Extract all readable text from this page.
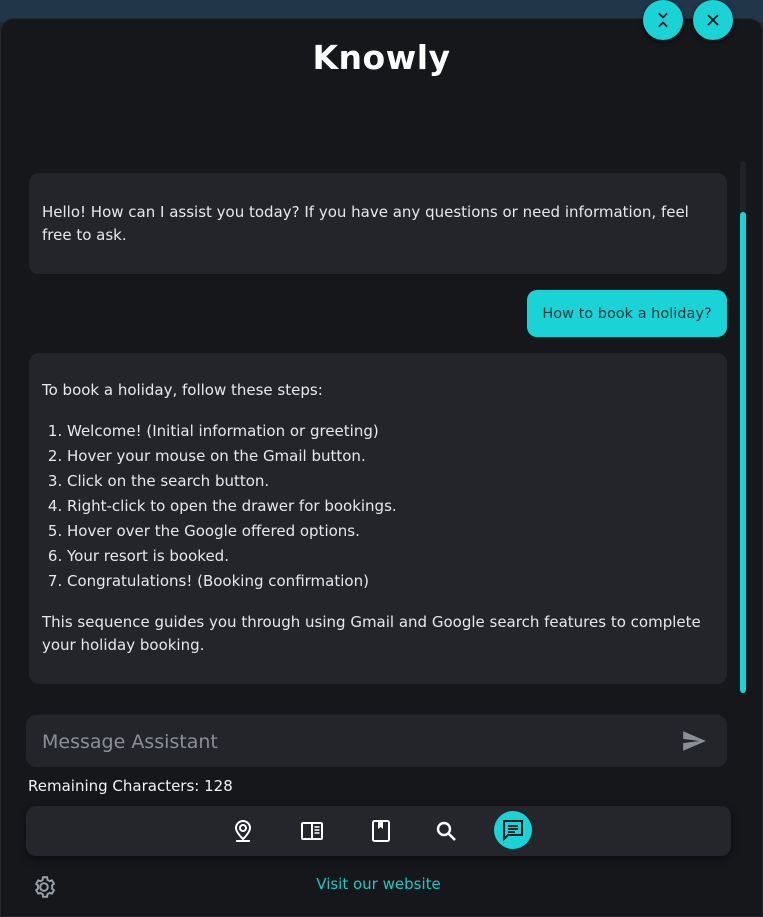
Knowly
Hello! How can I assist you today? If you have any questions or need information, feel free to ask.
How to book a holiday?

To book a holiday, follow these steps:

1. Welcome! (Initial information or greeting)
2. Hover your mouse on the Gmail button.
3. Click on the search button.
4. Right-click to open the drawer for bookings.
5. Hover over the Google offered options.
6. Your resort is booked.
7. Congratulations! (Booking confirmation)

This sequence guides you through using Gmail and Google search features to complete your holiday booking.

Message Assistant
Remaining Characters: 128
Visit our website
